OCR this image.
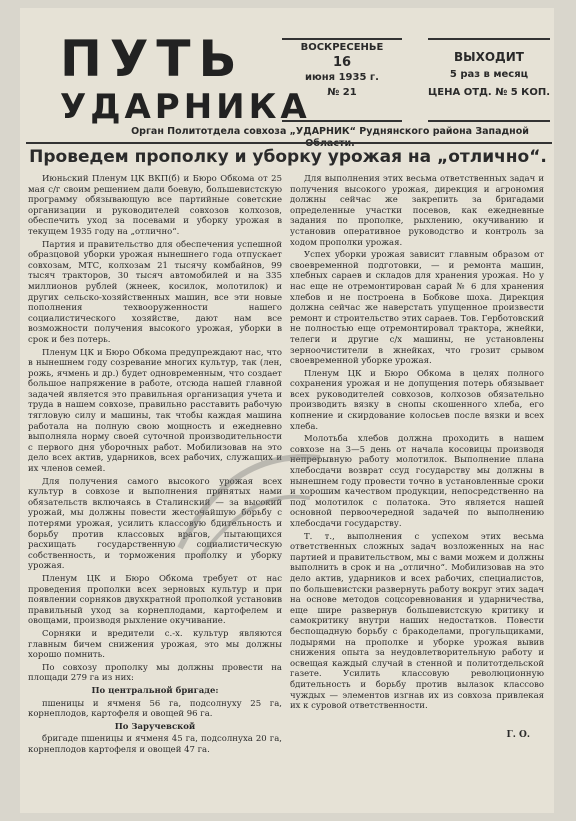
ПУТЬ
УДАРНИКА
ВОСКРЕСЕНЬЕ
16
июня 1935 г.
№ 21
ВЫХОДИТ
5 раз в месяц
ЦЕНА ОТД. № 5 КОП.
Орган Политотдела совхоза „УДАРНИК“ Руднянского района Западной Области.
Проведем прополку и уборку урожая на „отлично“.

Июньский Пленум ЦК ВКП(б) и Бюро Обкома от 25 мая с/г своим решением дали боевую, большевистскую программу обязывающую все партийные советские организации и руководителей совхозов колхозов, обеспечить уход за посевами и уборку урожая в текущем 1935 году на „отлично“.

Партия и правительство для обеспечения успешной образцовой уборки урожая нынешнего года отпускает совхозам, МТС, колхозам 21 тысячу комбайнов, 99 тысяч тракторов, 30 тысяч автомобилей и на 335 миллионов рублей (жнеек, косилок, молотилок) и других сельско-хозяйственных машин, все эти новые пополнения техвооруженности нашего социалистического хозяйстве, дают нам все возможности получения высокого урожая, уборки в срок и без потерь.

Пленум ЦК и Бюро Обкома предупреждают нас, что в нынешнем году созревание многих культур, так (лен, рожь, ячмень и др.) будет одновременным, что создает большое напряжение в работе, отсюда нашей главной задачей является это правильная организация учета и труда в нашем совхозе, правильно расставить рабочую тягловую силу и машины, так чтобы каждая машина работала на полную свою мощность и ежедневно выполняла норму своей суточной производительности с первого дня уборочных работ. Мобилизовав на это дело всех актив, ударников, всех рабочих, служащих и их членов семей.

Для получения самого высокого урожая всех культур в совхозе и выполнения принятых нами обязательств включаясь в Сталинский — за высокий урожай, мы должны повести жесточайшую борьбу с потерями урожая, усилить классовую бдительность и борьбу против классовых врагов, пытающихся расхищать государственную социалистическую собственность, и торможения прополку и уборку урожая.

Пленум ЦК и Бюро Обкома требует от нас проведения прополки всех зерновых культур и при появлении сорняков двухкратной прополкой установив правильный уход за корнеплодами, картофелем и овощами, производя рыхление окучивание.

Сорняки и вредители с.-х. культур являются главным бичем снижения урожая, это мы должны хорошо помнить.

По совхозу прополку мы должны провести на площади 279 га из них:

По центральной бригаде:

пшеницы и ячменя 56 га, подсолнуху 25 га, корнеплодов, картофеля и овощей 96 га.

По Заручевской

бригаде пшеницы и ячменя 45 га, подсолнуха 20 га, корнеплодов картофеля и овощей 47 га.

Для выполнения этих весьма ответственных задач и получения высокого урожая, дирекция и агрономия должны сейчас же закрепить за бригадами определенные участки посевов, как ежедневные задания по прополке, рыхлению, окучиванию и установив оперативное руководство и контроль за ходом прополки урожая.

Успех уборки урожая зависит главным образом от своевременной подготовки, — и ремонта машин, хлебных сараев и складов для хранения урожая. Но у нас еще не отремонтирован сарай № 6 для хранения хлебов и не построена в Бобкове шоха. Дирекция должна сейчас же наверстать упущенное произвести ремонт и строительство этих сараев. Тов. Герботовский не полностью еще отремонтировал трактора, жнейки, телеги и другие с/х машины, не установлены зерноочистители в жнейках, что грозит срывом своевременной уборке урожая.

Пленум ЦК и Бюро Обкома в целях полного сохранения урожая и не допущения потерь обязывает всех руководителей совхозов, колхозов обязательно производить вязку в снопы скошенного хлеба, его копнение и скирдование колосьев после вязки и всех хлеба.

Молотьба хлебов должна проходить в нашем совхозе на 3—5 день от начала косовицы производя непрерывную работу молотилок. Выполнение плана хлебосдачи возврат ссуд государству мы должны в нынешнем году провести точно в установленные сроки и хорошим качеством продукции, непосредственно на под молотилок с полатока. Это является нашей основной первоочередной задачей по выполнению хлебосдачи государству.

Т. т., выполнения с успехом этих весьма ответственных сложных задач возложенных на нас партией и правительством, мы с вами можем и должны выполнить в срок и на „отлично“. Мобилизовав на это дело актив, ударников и всех рабочих, специалистов, по большевистски развернуть работу вокруг этих задач на основе методов соцсоревнования и ударничества, еще шире развернув большевистскую критику и самокритику внутри наших недостатков. Повести беспощадную борьбу с бракоделами, прогульщиками, лодырями на прополке и уборке урожая вывив снижения опыта за неудовлетворительную работу и освещая каждый случай в стенной и политотдельской газете. Усилить классовую революционную бдительность и борьбу против вылазок классово чуждых — элементов изгнав их из совхоза привлекая их к суровой ответственности.

Г. О.
